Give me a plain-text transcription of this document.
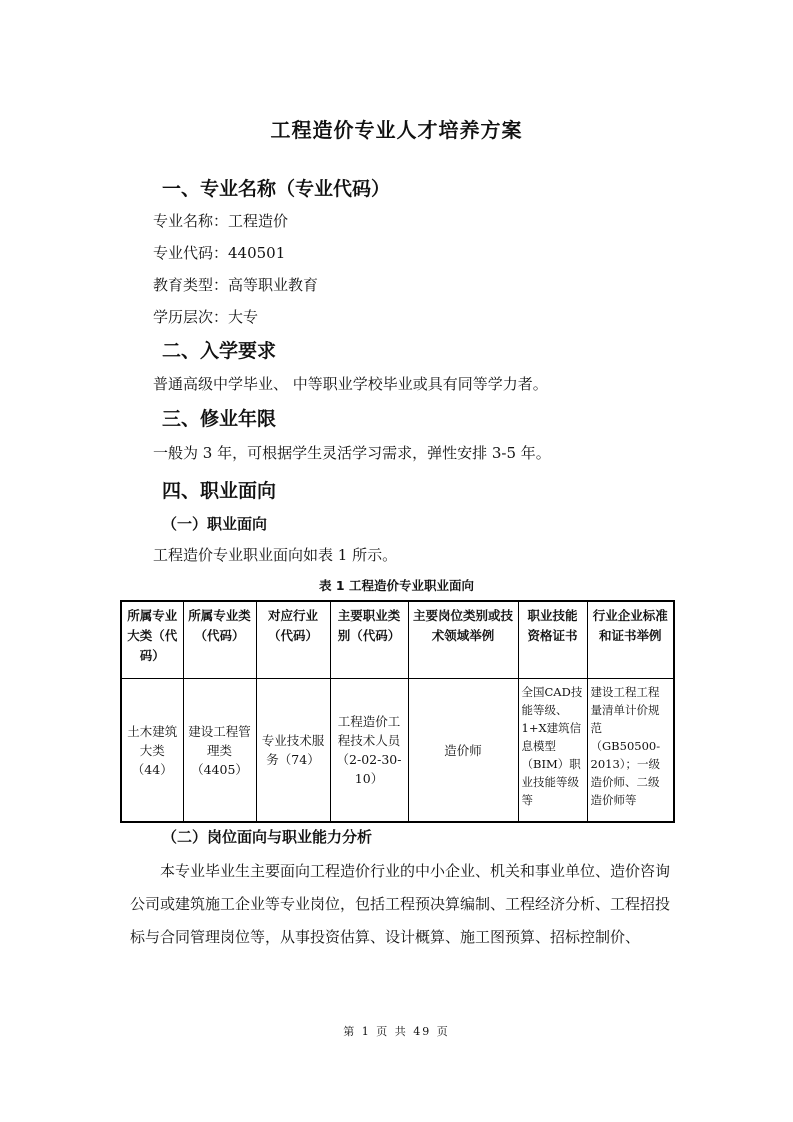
工程造价专业人才培养方案
一、专业名称（专业代码）
专业名称：工程造价
专业代码：440501
教育类型：高等职业教育
学历层次：大专
二、入学要求
普通高级中学毕业、 中等职业学校毕业或具有同等学力者。
三、修业年限
一般为 3 年，可根据学生灵活学习需求，弹性安排 3-5 年。
四、职业面向
（一）职业面向
工程造价专业职业面向如表 1 所示。
表 1 工程造价专业职业面向
所属专业大类（代码）	所属专业类（代码）	对应行业（代码）	主要职业类别（代码）	主要岗位类别或技术领域举例	职业技能资格证书	行业企业标准和证书举例
土木建筑大类（44）	建设工程管理类（4405）	专业技术服务（74）	工程造价工程技术人员（2-02-30-10）	造价师	全国CAD技能等级、1+X建筑信息模型（BIM）职业技能等级等	建设工程工程量清单计价规范（GB50500-2013）；一级造价师、二级造价师等
（二）岗位面向与职业能力分析
本专业毕业生主要面向工程造价行业的中小企业、机关和事业单位、造价咨询公司或建筑施工企业等专业岗位，包括工程预决算编制、工程经济分析、工程招投标与合同管理岗位等，从事投资估算、设计概算、施工图预算、招标控制价、
第 1 页 共 49 页
